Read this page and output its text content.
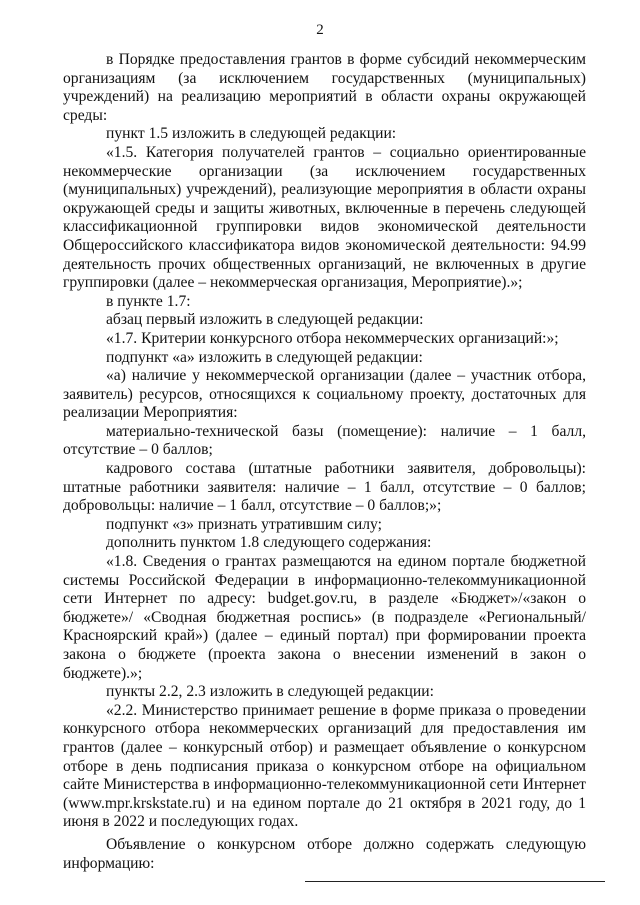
2

в Порядке предоставления грантов в форме субсидий некоммерческим организациям (за исключением государственных (муниципальных) учреждений) на реализацию мероприятий в области охраны окружающей среды:

пункт 1.5 изложить в следующей редакции:

«1.5. Категория получателей грантов – социально ориентированные некоммерческие организации (за исключением государственных (муниципальных) учреждений), реализующие мероприятия в области охраны окружающей среды и защиты животных, включенные в перечень следующей классификационной группировки видов экономической деятельности Общероссийского классификатора видов экономической деятельности: 94.99 деятельность прочих общественных организаций, не включенных в другие группировки (далее – некоммерческая организация, Мероприятие).»;

в пункте 1.7:

абзац первый изложить в следующей редакции:

«1.7. Критерии конкурсного отбора некоммерческих организаций:»;

подпункт «а» изложить в следующей редакции:

«а) наличие у некоммерческой организации (далее – участник отбора, заявитель) ресурсов, относящихся к социальному проекту, достаточных для реализации Мероприятия:

материально-технической базы (помещение): наличие – 1 балл, отсутствие – 0 баллов;

кадрового состава (штатные работники заявителя, добровольцы): штатные работники заявителя: наличие – 1 балл, отсутствие – 0 баллов; добровольцы: наличие – 1 балл, отсутствие – 0 баллов;»;

подпункт «з» признать утратившим силу;

дополнить пунктом 1.8 следующего содержания:

«1.8. Сведения о грантах размещаются на едином портале бюджетной системы Российской Федерации в информационно-телекоммуникационной сети Интернет по адресу: budget.gov.ru, в разделе «Бюджет»/«закон о бюджете»/ «Сводная бюджетная роспись» (в подразделе «Региональный/Красноярский край») (далее – единый портал) при формировании проекта закона о бюджете (проекта закона о внесении изменений в закон о бюджете).»;

пункты 2.2, 2.3 изложить в следующей редакции:

«2.2. Министерство принимает решение в форме приказа о проведении конкурсного отбора некоммерческих организаций для предоставления им грантов (далее – конкурсный отбор) и размещает объявление о конкурсном отборе в день подписания приказа о конкурсном отборе на официальном сайте Министерства в информационно-телекоммуникационной сети Интернет (www.mpr.krskstate.ru) и на едином портале до 21 октября в 2021 году, до 1 июня в 2022 и последующих годах.

Объявление о конкурсном отборе должно содержать следующую информацию:
